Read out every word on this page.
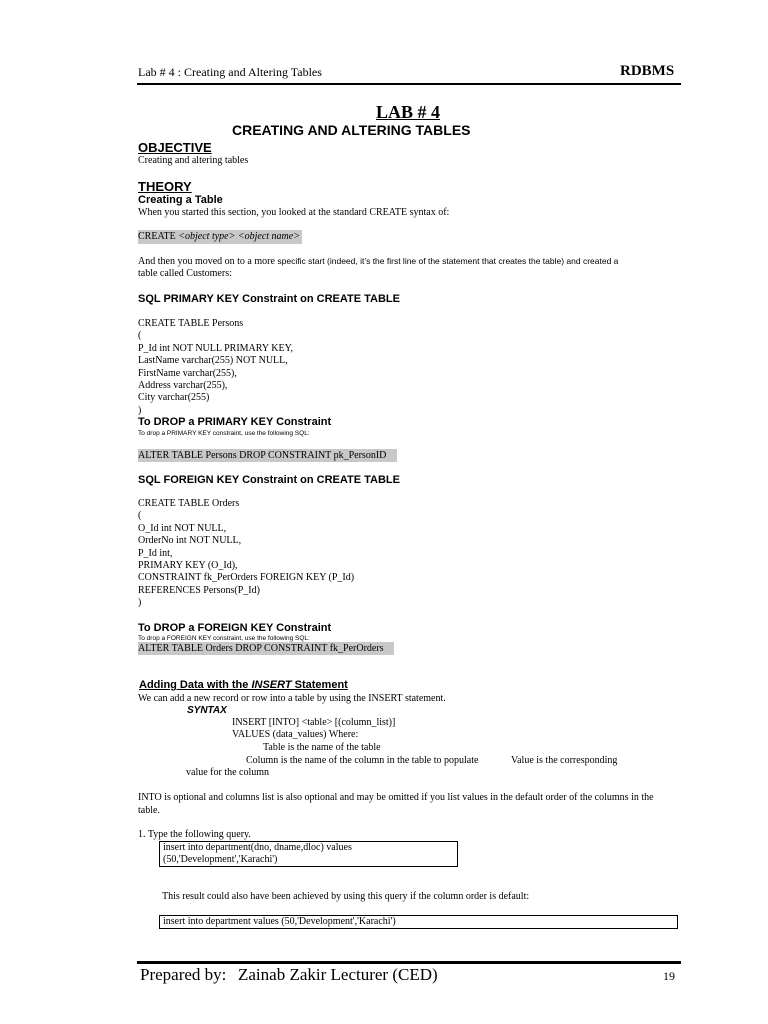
Lab # 4 : Creating and Altering Tables	RDBMS
LAB # 4
CREATING AND ALTERING TABLES
OBJECTIVE
Creating and altering tables
THEORY
Creating a Table
When you started this section, you looked at the standard CREATE syntax of:
CREATE <object type> <object name>
And then you moved on to a more specific start (indeed, it’s the first line of the statement that creates the table) and created a
table called Customers:
SQL PRIMARY KEY Constraint on CREATE TABLE
CREATE TABLE Persons
(
P_Id int NOT NULL PRIMARY KEY,
LastName varchar(255) NOT NULL,
FirstName varchar(255),
Address varchar(255),
City varchar(255)
)
To DROP a PRIMARY KEY Constraint
To drop a PRIMARY KEY constraint, use the following SQL:
ALTER TABLE Persons DROP CONSTRAINT pk_PersonID
SQL FOREIGN KEY Constraint on CREATE TABLE
CREATE TABLE Orders
(
O_Id int NOT NULL,
OrderNo int NOT NULL,
P_Id int,
PRIMARY KEY (O_Id),
CONSTRAINT fk_PerOrders FOREIGN KEY (P_Id)
REFERENCES Persons(P_Id)
)
To DROP a FOREIGN KEY Constraint
To drop a FOREIGN KEY constraint, use the following SQL:
ALTER TABLE Orders DROP CONSTRAINT fk_PerOrders
Adding Data with the INSERT Statement
We can add a new record or row into a table by using the INSERT statement.
SYNTAX
INSERT [INTO] <table> [(column_list)]
VALUES (data_values) Where:
Table is the name of the table
Column is the name of the column in the table to populate	Value is the corresponding
value for the column
INTO is optional and columns list is also optional and may be omitted if you list values in the default order of the columns in the
table.
1. Type the following query.
insert into department(dno, dname,dloc) values
(50,'Development','Karachi')
This result could also have been achieved by using this query if the column order is default:
insert into department values (50,'Development','Karachi')
Prepared by: Zainab Zakir Lecturer (CED)	19
